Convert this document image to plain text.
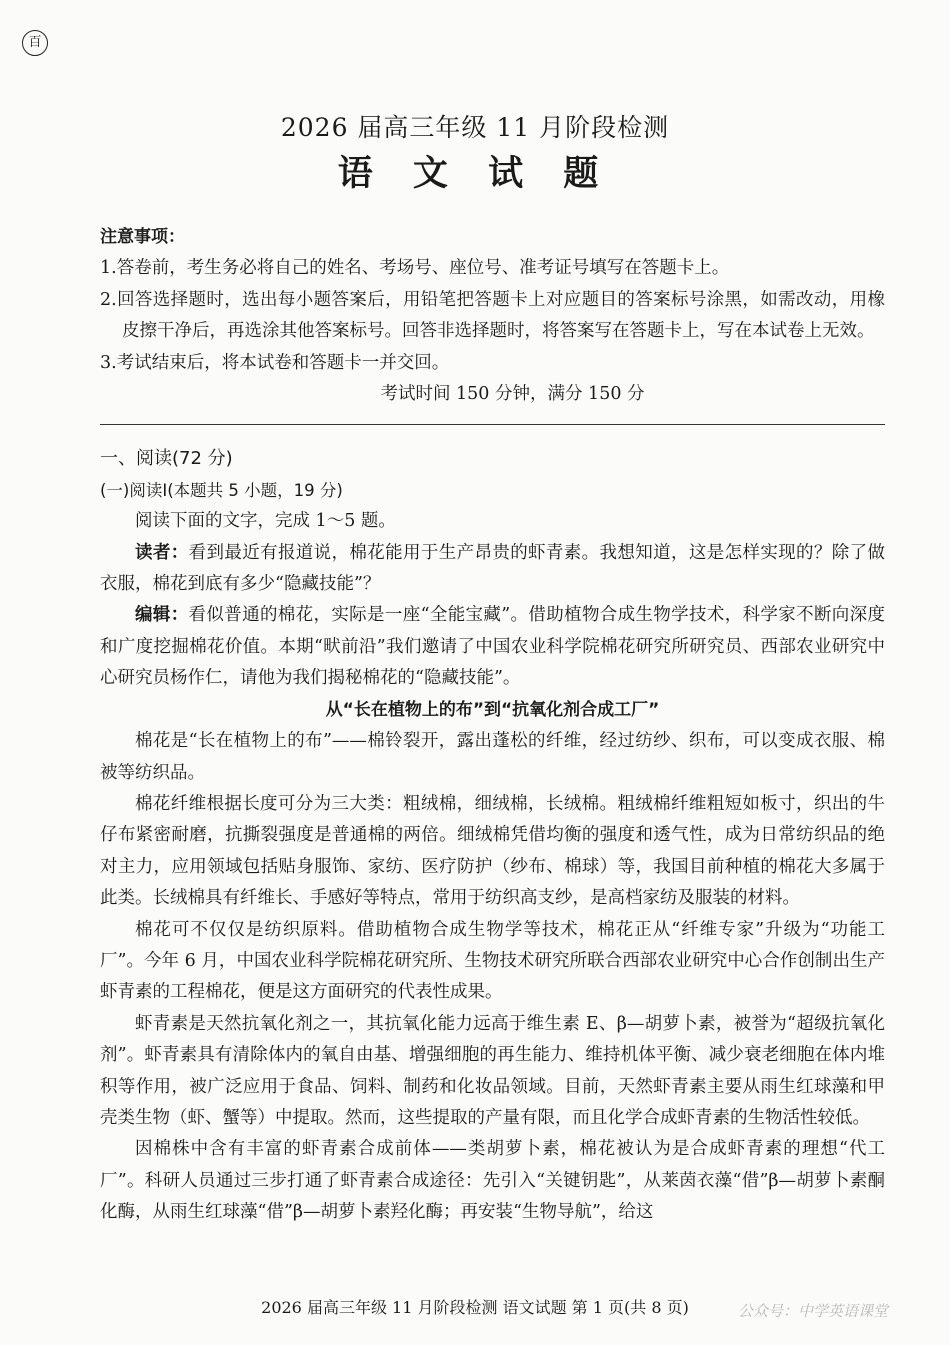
百
2026 届高三年级 11 月阶段检测
语 文 试 题

注意事项：

1.答卷前，考生务必将自己的姓名、考场号、座位号、准考证号填写在答题卡上。

2.回答选择题时，选出每小题答案后，用铅笔把答题卡上对应题目的答案标号涂黑，如需改动，用橡皮擦干净后，再选涂其他答案标号。回答非选择题时，将答案写在答题卡上，写在本试卷上无效。

3.考试结束后，将本试卷和答题卡一并交回。

考试时间 150 分钟，满分 150 分

一、阅读(72 分)

(一)阅读Ⅰ(本题共 5 小题，19 分)

阅读下面的文字，完成 1～5 题。

读者：看到最近有报道说，棉花能用于生产昂贵的虾青素。我想知道，这是怎样实现的？除了做衣服，棉花到底有多少“隐藏技能”？

编辑：看似普通的棉花，实际是一座“全能宝藏”。借助植物合成生物学技术，科学家不断向深度和广度挖掘棉花价值。本期“畎前沿”我们邀请了中国农业科学院棉花研究所研究员、西部农业研究中心研究员杨作仁，请他为我们揭秘棉花的“隐藏技能”。

从“长在植物上的布”到“抗氧化剂合成工厂”

棉花是“长在植物上的布”——棉铃裂开，露出蓬松的纤维，经过纺纱、织布，可以变成衣服、棉被等纺织品。

棉花纤维根据长度可分为三大类：粗绒棉，细绒棉，长绒棉。粗绒棉纤维粗短如板寸，织出的牛仔布紧密耐磨，抗撕裂强度是普通棉的两倍。细绒棉凭借均衡的强度和透气性，成为日常纺织品的绝对主力，应用领域包括贴身服饰、家纺、医疗防护（纱布、棉球）等，我国目前种植的棉花大多属于此类。长绒棉具有纤维长、手感好等特点，常用于纺织高支纱，是高档家纺及服装的材料。

棉花可不仅仅是纺织原料。借助植物合成生物学等技术，棉花正从“纤维专家”升级为“功能工厂”。今年 6 月，中国农业科学院棉花研究所、生物技术研究所联合西部农业研究中心合作创制出生产虾青素的工程棉花，便是这方面研究的代表性成果。

虾青素是天然抗氧化剂之一，其抗氧化能力远高于维生素 E、β—胡萝卜素，被誉为“超级抗氧化剂”。虾青素具有清除体内的氧自由基、增强细胞的再生能力、维持机体平衡、减少衰老细胞在体内堆积等作用，被广泛应用于食品、饲料、制药和化妆品领域。目前，天然虾青素主要从雨生红球藻和甲壳类生物（虾、蟹等）中提取。然而，这些提取的产量有限，而且化学合成虾青素的生物活性较低。

因棉株中含有丰富的虾青素合成前体——类胡萝卜素，棉花被认为是合成虾青素的理想“代工厂”。科研人员通过三步打通了虾青素合成途径：先引入“关键钥匙”，从莱茵衣藻“借”β—胡萝卜素酮化酶，从雨生红球藻“借”β—胡萝卜素羟化酶；再安装“生物导航”，给这

2026 届高三年级 11 月阶段检测 语文试题 第 1 页(共 8 页)	公众号：中学英语课堂
